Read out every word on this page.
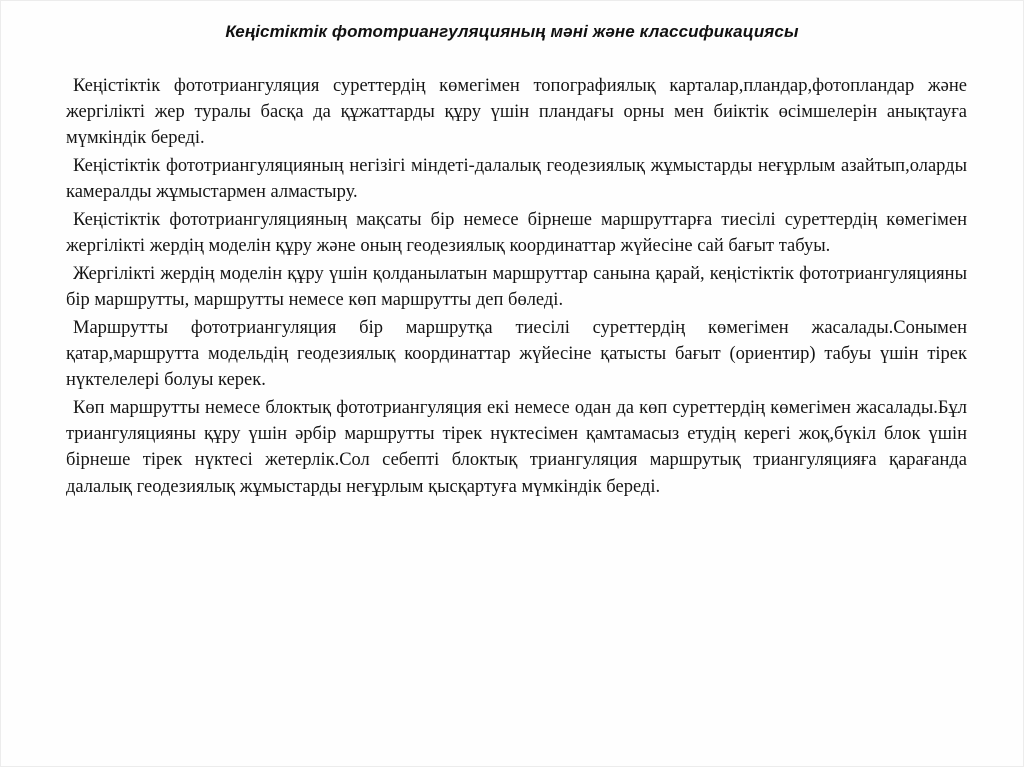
Кеңістіктік фототриангуляцияның мәні және классификациясы

Кеңістіктік фототриангуляция суреттердің көмегімен топографиялық карталар,пландар,фотопландар және жергілікті жер туралы басқа да құжаттарды құру үшін пландағы орны мен биіктік өсімшелерін анықтауға мүмкіндік береді.

Кеңістіктік фототриангуляцияның негізігі міндеті-далалық геодезиялық жұмыстарды неғұрлым азайтып,оларды камералды жұмыстармен алмастыру.

Кеңістіктік фототриангуляцияның мақсаты бір немесе бірнеше маршруттарға тиесілі суреттердің көмегімен жергілікті жердің моделін құру және оның геодезиялық координаттар жүйесіне сай бағыт табуы.

Жергілікті жердің моделін құру үшін қолданылатын маршруттар санына қарай, кеңістіктік фототриангуляцияны бір маршрутты, маршрутты немесе көп маршрутты деп бөледі.

Маршрутты фототриангуляция бір маршрутқа тиесілі суреттердің көмегімен жасалады.Сонымен қатар,маршрутта модельдің геодезиялық координаттар жүйесіне қатысты бағыт (ориентир) табуы үшін тірек нүктелелері болуы керек.

Көп маршрутты немесе блоктық фототриангуляция екі немесе одан да көп суреттердің көмегімен жасалады.Бұл триангуляцияны құру үшін әрбір маршрутты тірек нүктесімен қамтамасыз етудің керегі жоқ,бүкіл блок үшін бірнеше тірек нүктесі жетерлік.Сол себепті блоктық триангуляция маршрутық триангуляцияға қарағанда далалық геодезиялық жұмыстарды неғұрлым қысқартуға мүмкіндік береді.
